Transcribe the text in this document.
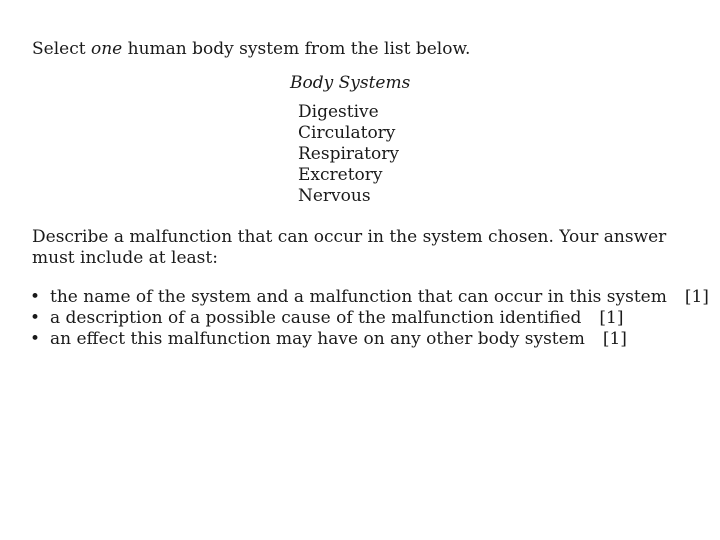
Select one human body system from the list below.
Body Systems
Digestive
Circulatory
Respiratory
Excretory
Nervous
Describe a malfunction that can occur in the system chosen. Your answer must include at least:
• the name of the system and a malfunction that can occur in this system [1]
• a description of a possible cause of the malfunction identified [1]
• an effect this malfunction may have on any other body system [1]
